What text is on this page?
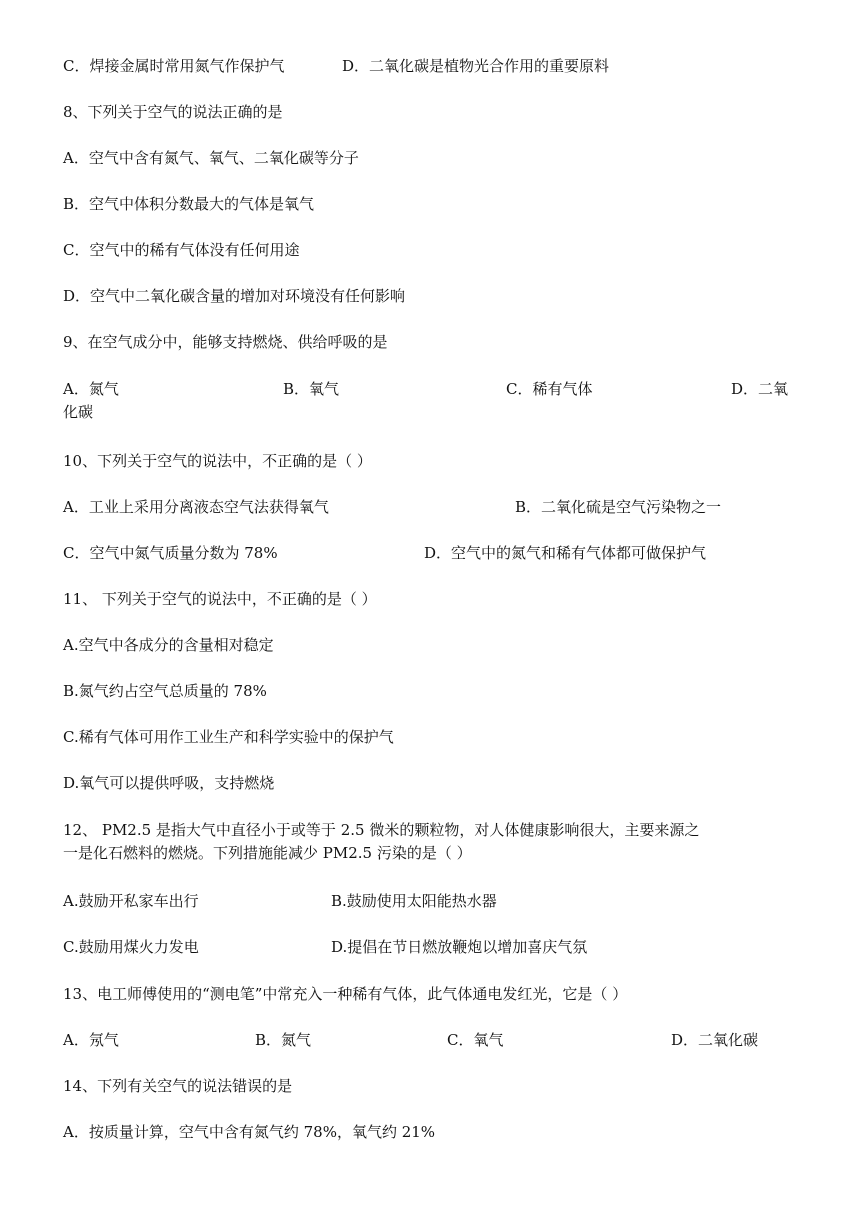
C．焊接金属时常用氮气作保护气	D．二氧化碳是植物光合作用的重要原料
8、下列关于空气的说法正确的是
A．空气中含有氮气、氧气、二氧化碳等分子
B．空气中体积分数最大的气体是氧气
C．空气中的稀有气体没有任何用途
D．空气中二氧化碳含量的增加对环境没有任何影响
9、在空气成分中，能够支持燃烧、供给呼吸的是
A．氮气	B．氧气	C．稀有气体	D．二氧
化碳
10、下列关于空气的说法中，不正确的是（ ）
A．工业上采用分离液态空气法获得氧气	B．二氧化硫是空气污染物之一
C．空气中氮气质量分数为 78%	D．空气中的氮气和稀有气体都可做保护气
11、 下列关于空气的说法中，不正确的是（ ）
A.空气中各成分的含量相对稳定
B.氮气约占空气总质量的 78%
C.稀有气体可用作工业生产和科学实验中的保护气
D.氧气可以提供呼吸，支持燃烧
12、 PM2.5 是指大气中直径小于或等于 2.5 微米的颗粒物，对人体健康影响很大，主要来源之
一是化石燃料的燃烧。下列措施能减少 PM2.5 污染的是（ ）
A.鼓励开私家车出行	B.鼓励使用太阳能热水器
C.鼓励用煤火力发电	D.提倡在节日燃放鞭炮以增加喜庆气氛
13、电工师傅使用的“测电笔”中常充入一种稀有气体，此气体通电发红光，它是（ ）
A．氖气	B．氮气	C．氧气	D．二氧化碳
14、下列有关空气的说法错误的是
A．按质量计算，空气中含有氮气约 78%，氧气约 21%
